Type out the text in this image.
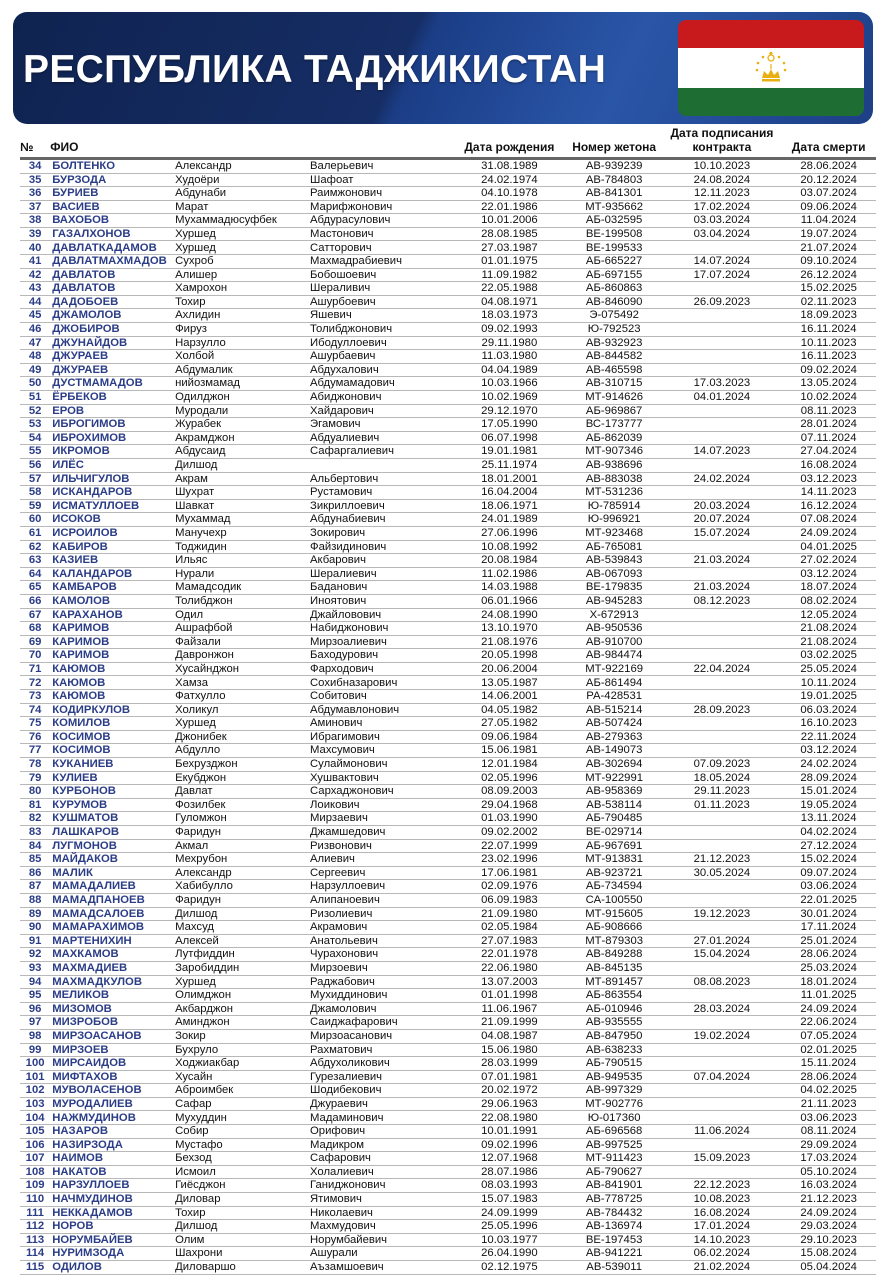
РЕСПУБЛИКА ТАДЖИКИСТАН
№	ФИО			Дата рождения	Номер жетона	Дата подписания контракта	Дата смерти
34	БОЛТЕНКО	Александр	Валерьевич	31.08.1989	АВ-939239	10.10.2023	28.06.2024
35	БУРЗОДА	Худоёри	Шафоат	24.02.1974	АВ-784803	24.08.2024	20.12.2024
36	БУРИЕВ	Абдунаби	Раимжонович	04.10.1978	АВ-841301	12.11.2023	03.07.2024
37	ВАСИЕВ	Марат	Марифжонович	22.01.1986	МТ-935662	17.02.2024	09.06.2024
38	ВАХОБОВ	Мухаммадюсуфбек	Абдурасулович	10.01.2006	АБ-032595	03.03.2024	11.04.2024
39	ГАЗАЛХОНОВ	Хуршед	Мастонович	28.08.1985	ВЕ-199508	03.04.2024	19.07.2024
40	ДАВЛАТКАДАМОВ	Хуршед	Сатторович	27.03.1987	ВЕ-199533		21.07.2024
41	ДАВЛАТМАХМАДОВ	Сухроб	Махмадрабиевич	01.01.1975	АБ-665227	14.07.2024	09.10.2024
42	ДАВЛАТОВ	Алишер	Бобошоевич	11.09.1982	АБ-697155	17.07.2024	26.12.2024
43	ДАВЛАТОВ	Хамрохон	Шераливич	22.05.1988	АБ-860863		15.02.2025
44	ДАДОБОЕВ	Тохир	Ашурбоевич	04.08.1971	АВ-846090	26.09.2023	02.11.2023
45	ДЖАМОЛОВ	Ахлидин	Яшевич	18.03.1973	Э-075492		18.09.2023
46	ДЖОБИРОВ	Фируз	Толибджонович	09.02.1993	Ю-792523		16.11.2024
47	ДЖУНАЙДОВ	Нарзулло	Ибодуллоевич	29.11.1980	АВ-932923		10.11.2023
48	ДЖУРАЕВ	Холбой	Ашурбаевич	11.03.1980	АВ-844582		16.11.2023
49	ДЖУРАЕВ	Абдумалик	Абдухалович	04.04.1989	АВ-465598		09.02.2024
50	ДУСТМАМАДОВ	нийозмамад	Абдумамадович	10.03.1966	АВ-310715	17.03.2023	13.05.2024
51	ЁРБЕКОВ	Одилджон	Абиджонович	10.02.1969	МТ-914626	04.01.2024	10.02.2024
52	ЕРОВ	Муродали	Хайдарович	29.12.1970	АБ-969867		08.11.2023
53	ИБРОГИМОВ	Журабек	Эгамович	17.05.1990	ВС-173777		28.01.2024
54	ИБРОХИМОВ	Акрамджон	Абдуалиевич	06.07.1998	АБ-862039		07.11.2024
55	ИКРОМОВ	Абдусаид	Сафаргалиевич	19.01.1981	МТ-907346	14.07.2023	27.04.2024
56	ИЛЁС	Дилшод		25.11.1974	АВ-938696		16.08.2024
57	ИЛЬЧИГУЛОВ	Акрам	Альбертович	18.01.2001	АВ-883038	24.02.2024	03.12.2023
58	ИСКАНДАРОВ	Шухрат	Рустамович	16.04.2004	МТ-531236		14.11.2023
59	ИСМАТУЛЛОЕВ	Шавкат	Зикриллоевич	18.06.1971	Ю-785914	20.03.2024	16.12.2024
60	ИСОКОВ	Мухаммад	Абдунабиевич	24.01.1989	Ю-996921	20.07.2024	07.08.2024
61	ИСРОИЛОВ	Манучехр	Зокирович	27.06.1996	МТ-923468	15.07.2024	24.09.2024
62	КАБИРОВ	Тоджидин	Файзидинович	10.08.1992	АБ-765081		04.01.2025
63	КАЗИЕВ	Ильяс	Акбарович	20.08.1984	АВ-539843	21.03.2024	27.02.2024
64	КАЛАНДАРОВ	Нурали	Шералиевич	11.02.1986	АВ-067093		03.12.2024
65	КАМБАРОВ	Мамадсодик	Баданович	14.03.1988	ВЕ-179835	21.03.2024	18.07.2024
66	КАМОЛОВ	Толибджон	Иноятович	06.01.1966	АВ-945283	08.12.2023	08.02.2024
67	КАРАХАНОВ	Одил	Джайловович	24.08.1990	Х-672913		12.05.2024
68	КАРИМОВ	Ашрафбой	Набиджонович	13.10.1970	АВ-950536		21.08.2024
69	КАРИМОВ	Файзали	Мирзоалиевич	21.08.1976	АВ-910700		21.08.2024
70	КАРИМОВ	Давронжон	Баходурович	20.05.1998	АВ-984474		03.02.2025
71	КАЮМОВ	Хусайнджон	Фарходович	20.06.2004	МТ-922169	22.04.2024	25.05.2024
72	КАЮМОВ	Хамза	Сохибназарович	13.05.1987	АБ-861494		10.11.2024
73	КАЮМОВ	Фатхулло	Собитович	14.06.2001	РА-428531		19.01.2025
74	КОДИРКУЛОВ	Холикул	Абдумавлонович	04.05.1982	АВ-515214	28.09.2023	06.03.2024
75	КОМИЛОВ	Хуршед	Аминович	27.05.1982	АВ-507424		16.10.2023
76	КОСИМОВ	Джонибек	Ибрагимович	09.06.1984	АВ-279363		22.11.2024
77	КОСИМОВ	Абдулло	Махсумович	15.06.1981	АВ-149073		03.12.2024
78	КУКАНИЕВ	Бехрузджон	Сулаймонович	12.01.1984	АВ-302694	07.09.2023	24.02.2024
79	КУЛИЕВ	Екубджон	Хушвактович	02.05.1996	МТ-922991	18.05.2024	28.09.2024
80	КУРБОНОВ	Давлат	Сархаджонович	08.09.2003	АВ-958369	29.11.2023	15.01.2024
81	КУРУМОВ	Фозилбек	Лоикович	29.04.1968	АВ-538114	01.11.2023	19.05.2024
82	КУШМАТОВ	Гуломжон	Мирзаевич	01.03.1990	АБ-790485		13.11.2024
83	ЛАШКАРОВ	Фаридун	Джамшедович	09.02.2002	ВЕ-029714		04.02.2024
84	ЛУГМОНОВ	Акмал	Ризвонович	22.07.1999	АБ-967691		27.12.2024
85	МАЙДАКОВ	Мехрубон	Алиевич	23.02.1996	МТ-913831	21.12.2023	15.02.2024
86	МАЛИК	Александр	Сергеевич	17.06.1981	АВ-923721	30.05.2024	09.07.2024
87	МАМАДАЛИЕВ	Хабибулло	Нарзуллоевич	02.09.1976	АБ-734594		03.06.2024
88	МАМАДПАНОЕВ	Фаридун	Алипаноевич	06.09.1983	СА-100550		22.01.2025
89	МАМАДСАЛОЕВ	Дилшод	Ризолиевич	21.09.1980	МТ-915605	19.12.2023	30.01.2024
90	МАМАРАХИМОВ	Махсуд	Акрамович	02.05.1984	АБ-908666		17.11.2024
91	МАРТЕНИХИН	Алексей	Анатольевич	27.07.1983	МТ-879303	27.01.2024	25.01.2024
92	МАХКАМОВ	Лутфиддин	Чурахонович	22.01.1978	АВ-849288	15.04.2024	28.06.2024
93	МАХМАДИЕВ	Заробиддин	Мирзоевич	22.06.1980	АВ-845135		25.03.2024
94	МАХМАДКУЛОВ	Хуршед	Раджабович	13.07.2003	МТ-891457	08.08.2023	18.01.2024
95	МЕЛИКОВ	Олимджон	Мухиддинович	01.01.1998	АБ-863554		11.01.2025
96	МИЗОМОВ	Акбарджон	Джамолович	11.06.1967	АБ-010946	28.03.2024	24.09.2024
97	МИЗРОБОВ	Аминджон	Саиджафарович	21.09.1999	АВ-935555		22.06.2024
98	МИРЗОАСАНОВ	Зокир	Мирзоасанович	04.08.1987	АВ-847950	19.02.2024	07.05.2024
99	МИРЗОЕВ	Бухруло	Рахматович	15.06.1980	АВ-638233		02.01.2025
100	МИРСАИДОВ	Ходжиакбар	Абдухоликович	28.03.1999	АБ-790515		15.11.2024
101	МИФТАХОВ	Хусайн	Гурезалиевич	07.01.1981	АВ-949535	07.04.2024	28.06.2024
102	МУВОЛАСЕНОВ	Аброимбек	Шодибекович	20.02.1972	АВ-997329		04.02.2025
103	МУРОДАЛИЕВ	Сафар	Джураевич	29.06.1963	МТ-902776		21.11.2023
104	НАЖМУДИНОВ	Мухуддин	Мадаминович	22.08.1980	Ю-017360		03.06.2023
105	НАЗАРОВ	Собир	Орифович	10.01.1991	АБ-696568	11.06.2024	08.11.2024
106	НАЗИРЗОДА	Мустафо	Мадикром	09.02.1996	АВ-997525		29.09.2024
107	НАИМОВ	Бехзод	Сафарович	12.07.1968	МТ-911423	15.09.2023	17.03.2024
108	НАКАТОВ	Исмоил	Холалиевич	28.07.1986	АБ-790627		05.10.2024
109	НАРЗУЛЛОЕВ	Гиёсджон	Ганиджонович	08.03.1993	АВ-841901	22.12.2023	16.03.2024
110	НАЧМУДИНОВ	Диловар	Ятимович	15.07.1983	АВ-778725	10.08.2023	21.12.2023
111	НЕККАДАМОВ	Тохир	Николаевич	24.09.1999	АВ-784432	16.08.2024	24.09.2024
112	НОРОВ	Дилшод	Махмудович	25.05.1996	АВ-136974	17.01.2024	29.03.2024
113	НОРУМБАЙЕВ	Олим	Норумбайевич	10.03.1977	ВЕ-197453	14.10.2023	29.10.2023
114	НУРИМЗОДА	Шахрони	Ашурали	26.04.1990	АВ-941221	06.02.2024	15.08.2024
115	ОДИЛОВ	Диловаршо	Аъзамшоевич	02.12.1975	АВ-539011	21.02.2024	05.04.2024
